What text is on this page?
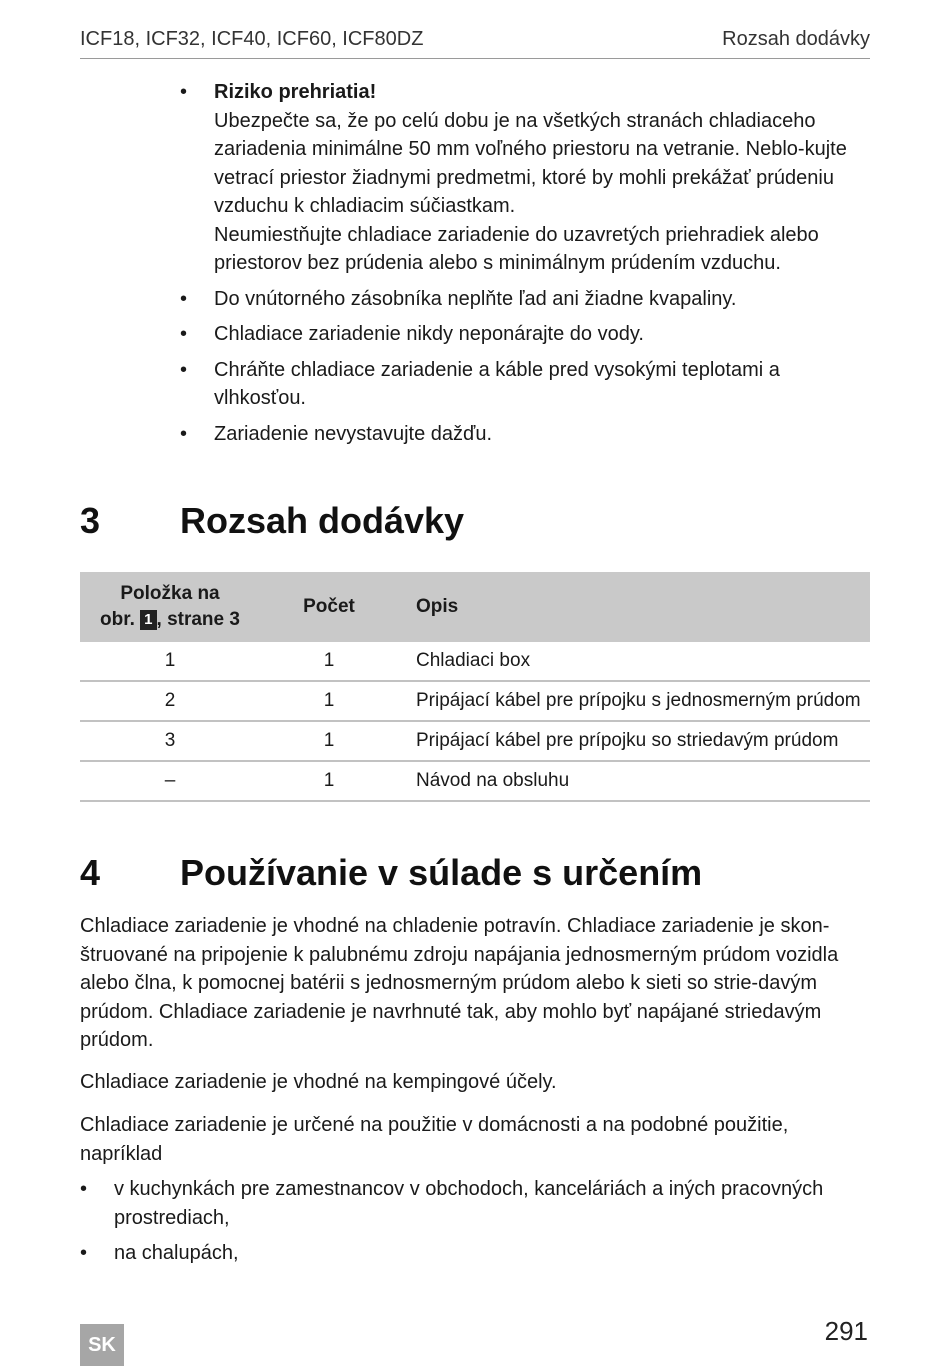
ICF18, ICF32, ICF40, ICF60, ICF80DZ	Rozsah dodávky
• Riziko prehriatia!

Ubezpečte sa, že po celú dobu je na všetkých stranách chladiaceho zariadenia minimálne 50 mm voľného priestoru na vetranie. Neblo-kujte vetrací priestor žiadnymi predmetmi, ktoré by mohli prekážať prúdeniu vzduchu k chladiacim súčiastkam.

Neumiestňujte chladiace zariadenie do uzavretých priehradiek alebo priestorov bez prúdenia alebo s minimálnym prúdením vzduchu.

• Do vnútorného zásobníka neplňte ľad ani žiadne kvapaliny.
• Chladiace zariadenie nikdy neponárajte do vody.
• Chráňte chladiace zariadenie a káble pred vysokými teplotami a vlhkosťou.
• Zariadenie nevystavujte dažďu.
3 Rozsah dodávky
Položka na
obr. 1 , strane 3	Počet	Opis
1	1	Chladiaci box
2	1	Pripájací kábel pre prípojku s jednosmerným prúdom
3	1	Pripájací kábel pre prípojku so striedavým prúdom
–	1	Návod na obsluhu
4 Používanie v súlade s určením

Chladiace zariadenie je vhodné na chladenie potravín. Chladiace zariadenie je skon-štruované na pripojenie k palubnému zdroju napájania jednosmerným prúdom vozidla alebo člna, k pomocnej batérii s jednosmerným prúdom alebo k sieti so strie-davým prúdom. Chladiace zariadenie je navrhnuté tak, aby mohlo byť napájané striedavým prúdom.

Chladiace zariadenie je vhodné na kempingové účely.

Chladiace zariadenie je určené na použitie v domácnosti a na podobné použitie, napríklad

• v kuchynkách pre zamestnancov v obchodoch, kanceláriách a iných pracovných prostrediach,
• na chalupách,
SK	291
